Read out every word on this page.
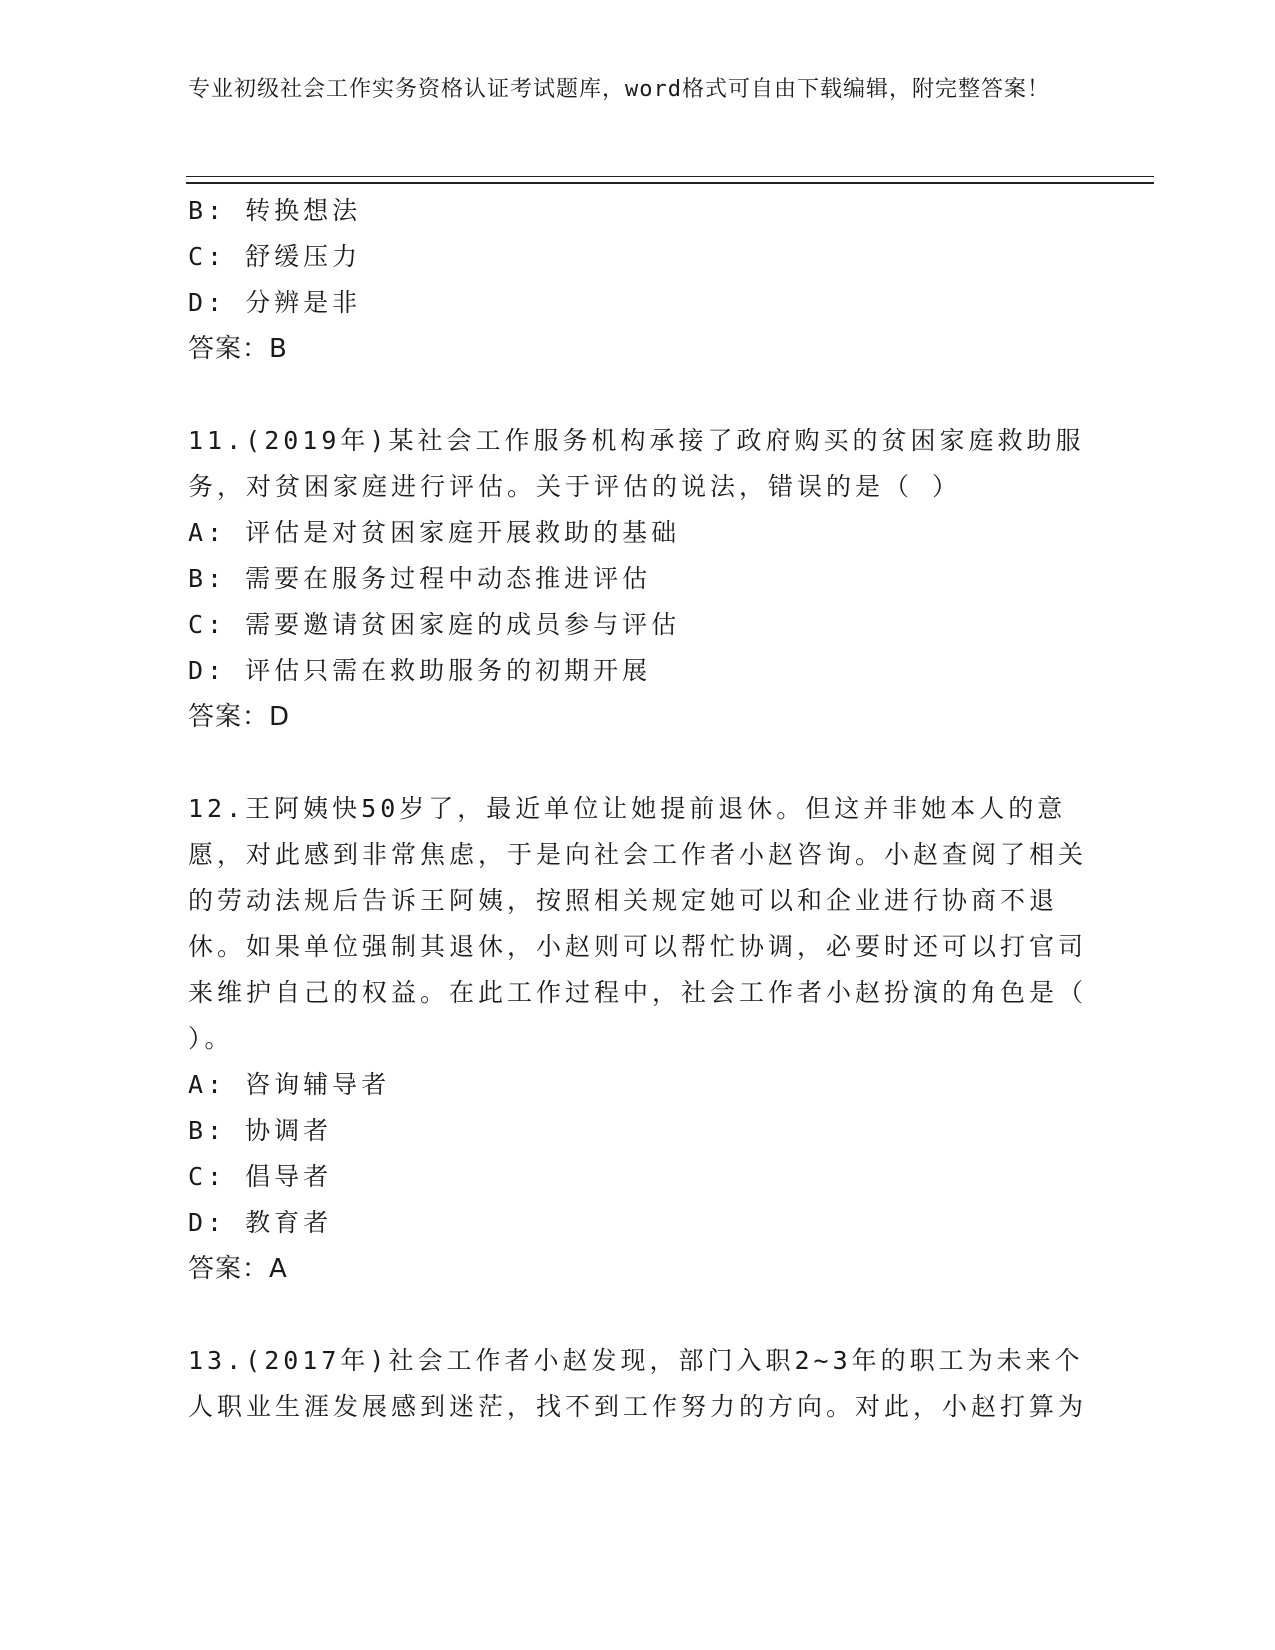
专业初级社会工作实务资格认证考试题库，word格式可自由下载编辑，附完整答案！
B: 转换想法
C: 舒缓压力
D: 分辨是非
答案：B
11.(2019年)某社会工作服务机构承接了政府购买的贫困家庭救助服务，对贫困家庭进行评估。关于评估的说法，错误的是（ ）
A: 评估是对贫困家庭开展救助的基础
B: 需要在服务过程中动态推进评估
C: 需要邀请贫困家庭的成员参与评估
D: 评估只需在救助服务的初期开展
答案：D
12.王阿姨快50岁了，最近单位让她提前退休。但这并非她本人的意愿，对此感到非常焦虑，于是向社会工作者小赵咨询。小赵查阅了相关的劳动法规后告诉王阿姨，按照相关规定她可以和企业进行协商不退休。如果单位强制其退休，小赵则可以帮忙协调，必要时还可以打官司来维护自己的权益。在此工作过程中，社会工作者小赵扮演的角色是（ ）。
A: 咨询辅导者
B: 协调者
C: 倡导者
D: 教育者
答案：A
13.(2017年)社会工作者小赵发现，部门入职2~3年的职工为未来个人职业生涯发展感到迷茫，找不到工作努力的方向。对此，小赵打算为
